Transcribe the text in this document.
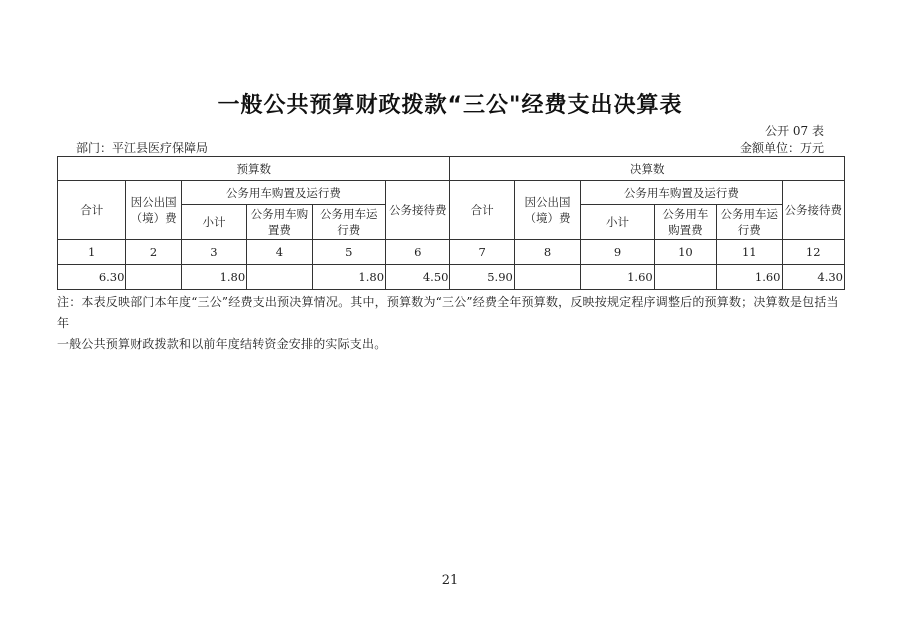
一般公共预算财政拨款“三公"经费支出决算表
公开 07 表
部门：平江县医疗保障局	金额单位：万元
预算数						决算数					
合计	因公出国（境）费	公务用车购置及运行费			公务接待费	合计	因公出国（境）费	公务用车购置及运行费			公务接待费
		小计	公务用车购置费	公务用车运行费				小计	公务用车购置费	公务用车运行费	
1	2	3	4	5	6	7	8	9	10	11	12
6.30		1.80		1.80	4.50	5.90		1.60		1.60	4.30
注：本表反映部门本年度“三公”经费支出预决算情况。其中，预算数为“三公”经费全年预算数，反映按规定程序调整后的预算数；决算数是包括当年
一般公共预算财政拨款和以前年度结转资金安排的实际支出。
21
